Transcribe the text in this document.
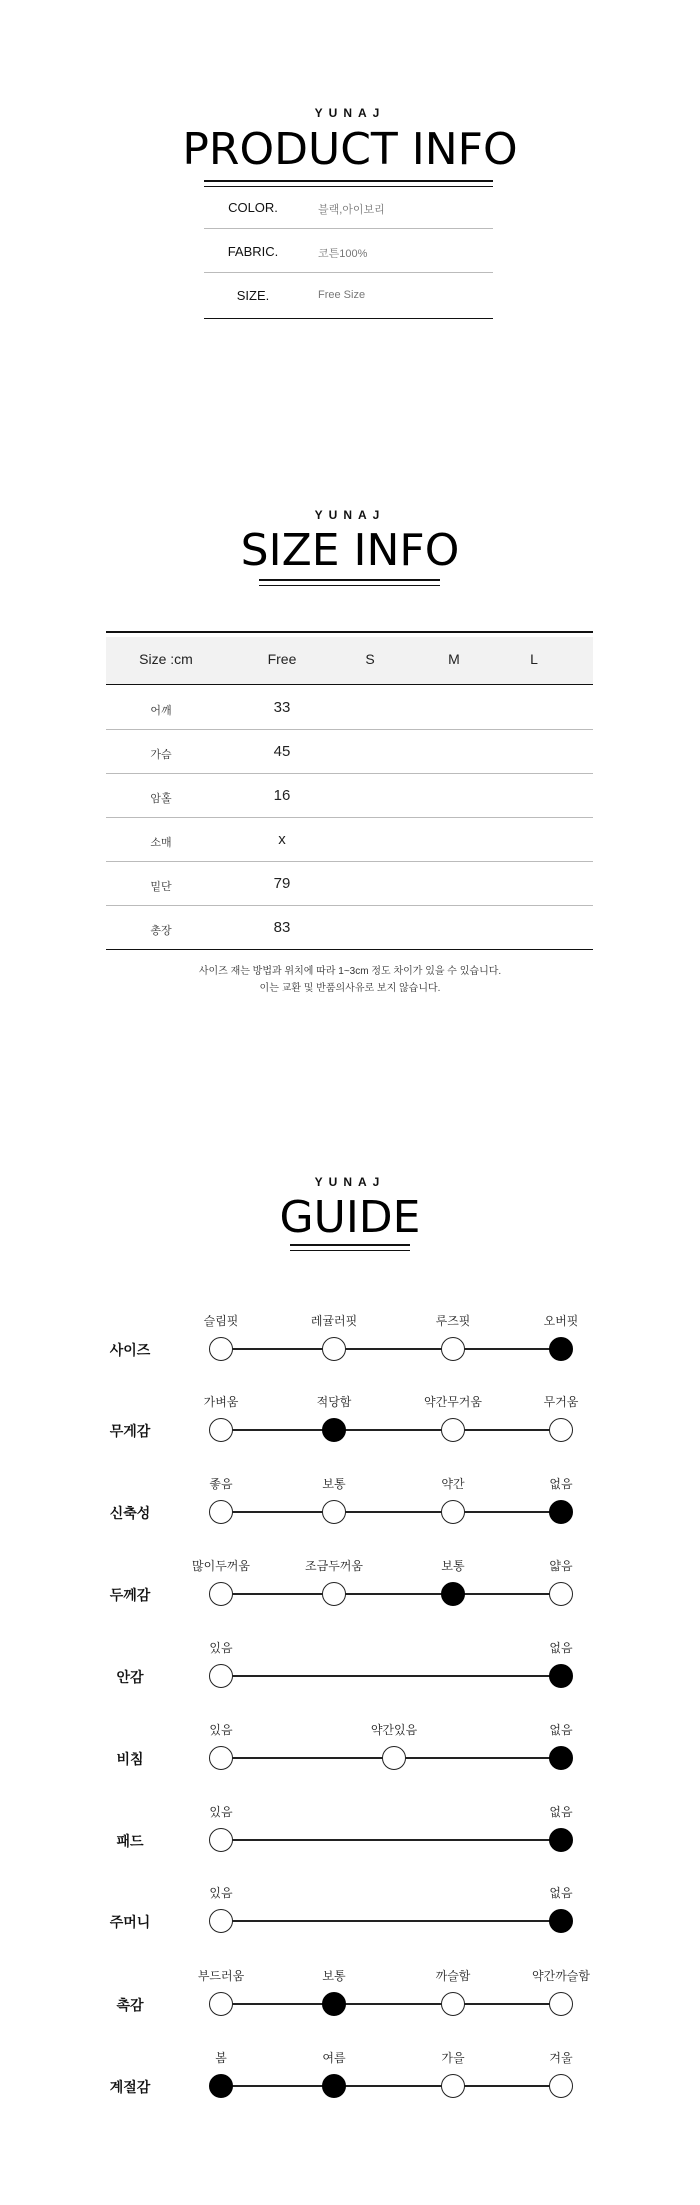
YUNAJ
PRODUCT INFO
COLOR.	블랙,아이보리
FABRIC.	코튼100%
SIZE.	Free Size
YUNAJ
SIZE INFO
Size :cm	Free	S	M	L
어깨	33
가슴	45
암홀	16
소매	x
밑단	79
총장	83
사이즈 재는 방법과 위치에 따라 1~3cm 정도 차이가 있을 수 있습니다.
이는 교환 및 반품의사유로 보지 않습니다.
YUNAJ
GUIDE
사이즈
슬림핏	레귤러핏	루즈핏	오버핏
무게감
가벼움	적당함	약간무거움	무거움
신축성
좋음	보통	약간	없음
두께감
많이두꺼움	조금두꺼움	보통	얇음
안감
있음	없음
비침
있음	약간있음	없음
패드
있음	없음
주머니
있음	없음
촉감
부드러움	보통	까슬함	약간까슬함
계절감
봄	여름	가을	겨울
